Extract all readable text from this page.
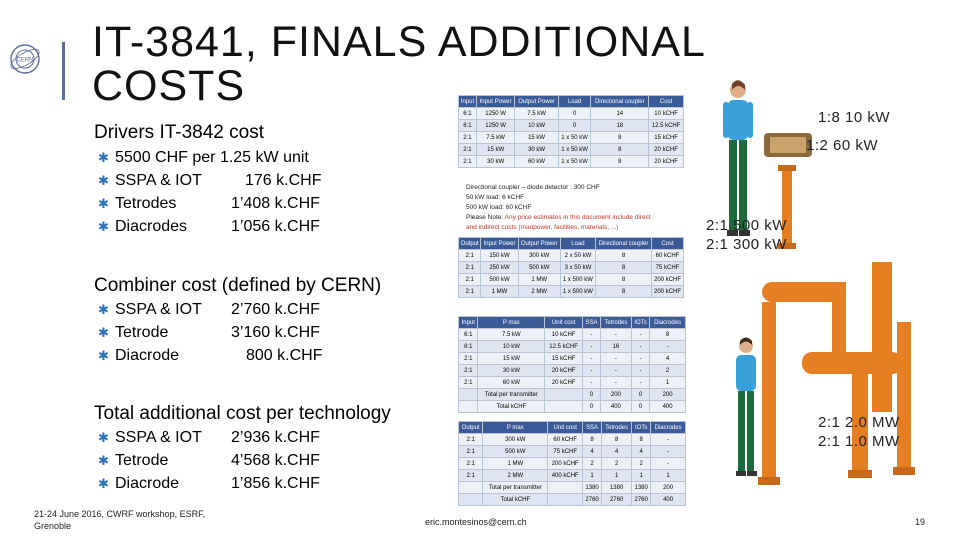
CERN IT-3841, FINALS ADDITIONAL
COSTS
Drivers IT-3842 cost
✱ 5500 CHF per 1.25 kW unit
✱ SSPA & IOT	176 k.CHF
✱ Tetrodes	1’408 k.CHF
✱ Diacrodes	1’056 k.CHF
Combiner cost (defined by CERN)
✱ SSPA & IOT 2’760 k.CHF
✱ Tetrode	3’160 k.CHF
✱ Diacrode	800 k.CHF
Total additional cost per technology
✱ SSPA & IOT 2’936 k.CHF
✱ Tetrode	4’568 k.CHF
✱ Diacrode	1’856 k.CHF
Input	Input Power	Output Power	Load	Directional coupler	Cost
6:1	1250 W	7.5 kW	0	14	10 kCHF
8:1	1250 W	10 kW	0	18	12.5 kCHF
2:1	7.5 kW	15 kW	1 x 50 kW	8	15 kCHF
2:1	15 kW	30 kW	1 x 50 kW	8	20 kCHF
2:1	30 kW	60 kW	1 x 50 kW	8	20 kCHF
Directional coupler – diode detector : 300 CHF
50 kW load: 6 kCHF
500 kW load: 60 kCHF
Please Note: Any price estimates in this document include direct
and indirect costs (manpower, facilities, materials, ...)
Output	Input Power	Output Power	Load	Directional coupler	Cost
2:1	150 kW	300 kW	2 x 50 kW	8	60 kCHF
2:1	250 kW	500 kW	3 x 50 kW	8	75 kCHF
2:1	500 kW	1 MW	1 x 500 kW	8	200 kCHF
2:1	1 MW	2 MW	1 x 500 kW	8	200 kCHF
Input	P max	Unit cost	SSA	Tetrodes	IOTs	Diacrodes
6:1	7.5 kW	10 kCHF	-	-	-	8
8:1	10 kW	12.5 kCHF	-	16	-	-
2:1	15 kW	15 kCHF	-	-	-	4
2:1	30 kW	20 kCHF	-	-	-	2
2:1	60 kW	20 kCHF	-	-	-	1
	Total per transmitter		0	200	0	200
	Total kCHF		0	400	0	400
Output	P max	Unit cost	SSA	Tetrodes	IOTs	Diacrodes
2:1	300 kW	60 kCHF	8	8	8	-
2:1	500 kW	75 kCHF	4	4	4	-
2:1	1 MW	200 kCHF	2	2	2	-
2:1	2 MW	400 kCHF	1	1	1	1
	Total per transmitter		1380	1380	1380	200
	Total kCHF		2760	2760	2760	400
1:8 10 kW
1:2 60 kW
2:1 500 kW
2:1 300 kW
2:1 2.0 MW
2:1 1.0 MW
21-24 June 2016, CWRF workshop, ESRF,
Grenoble	eric.montesinos@cern.ch	19
